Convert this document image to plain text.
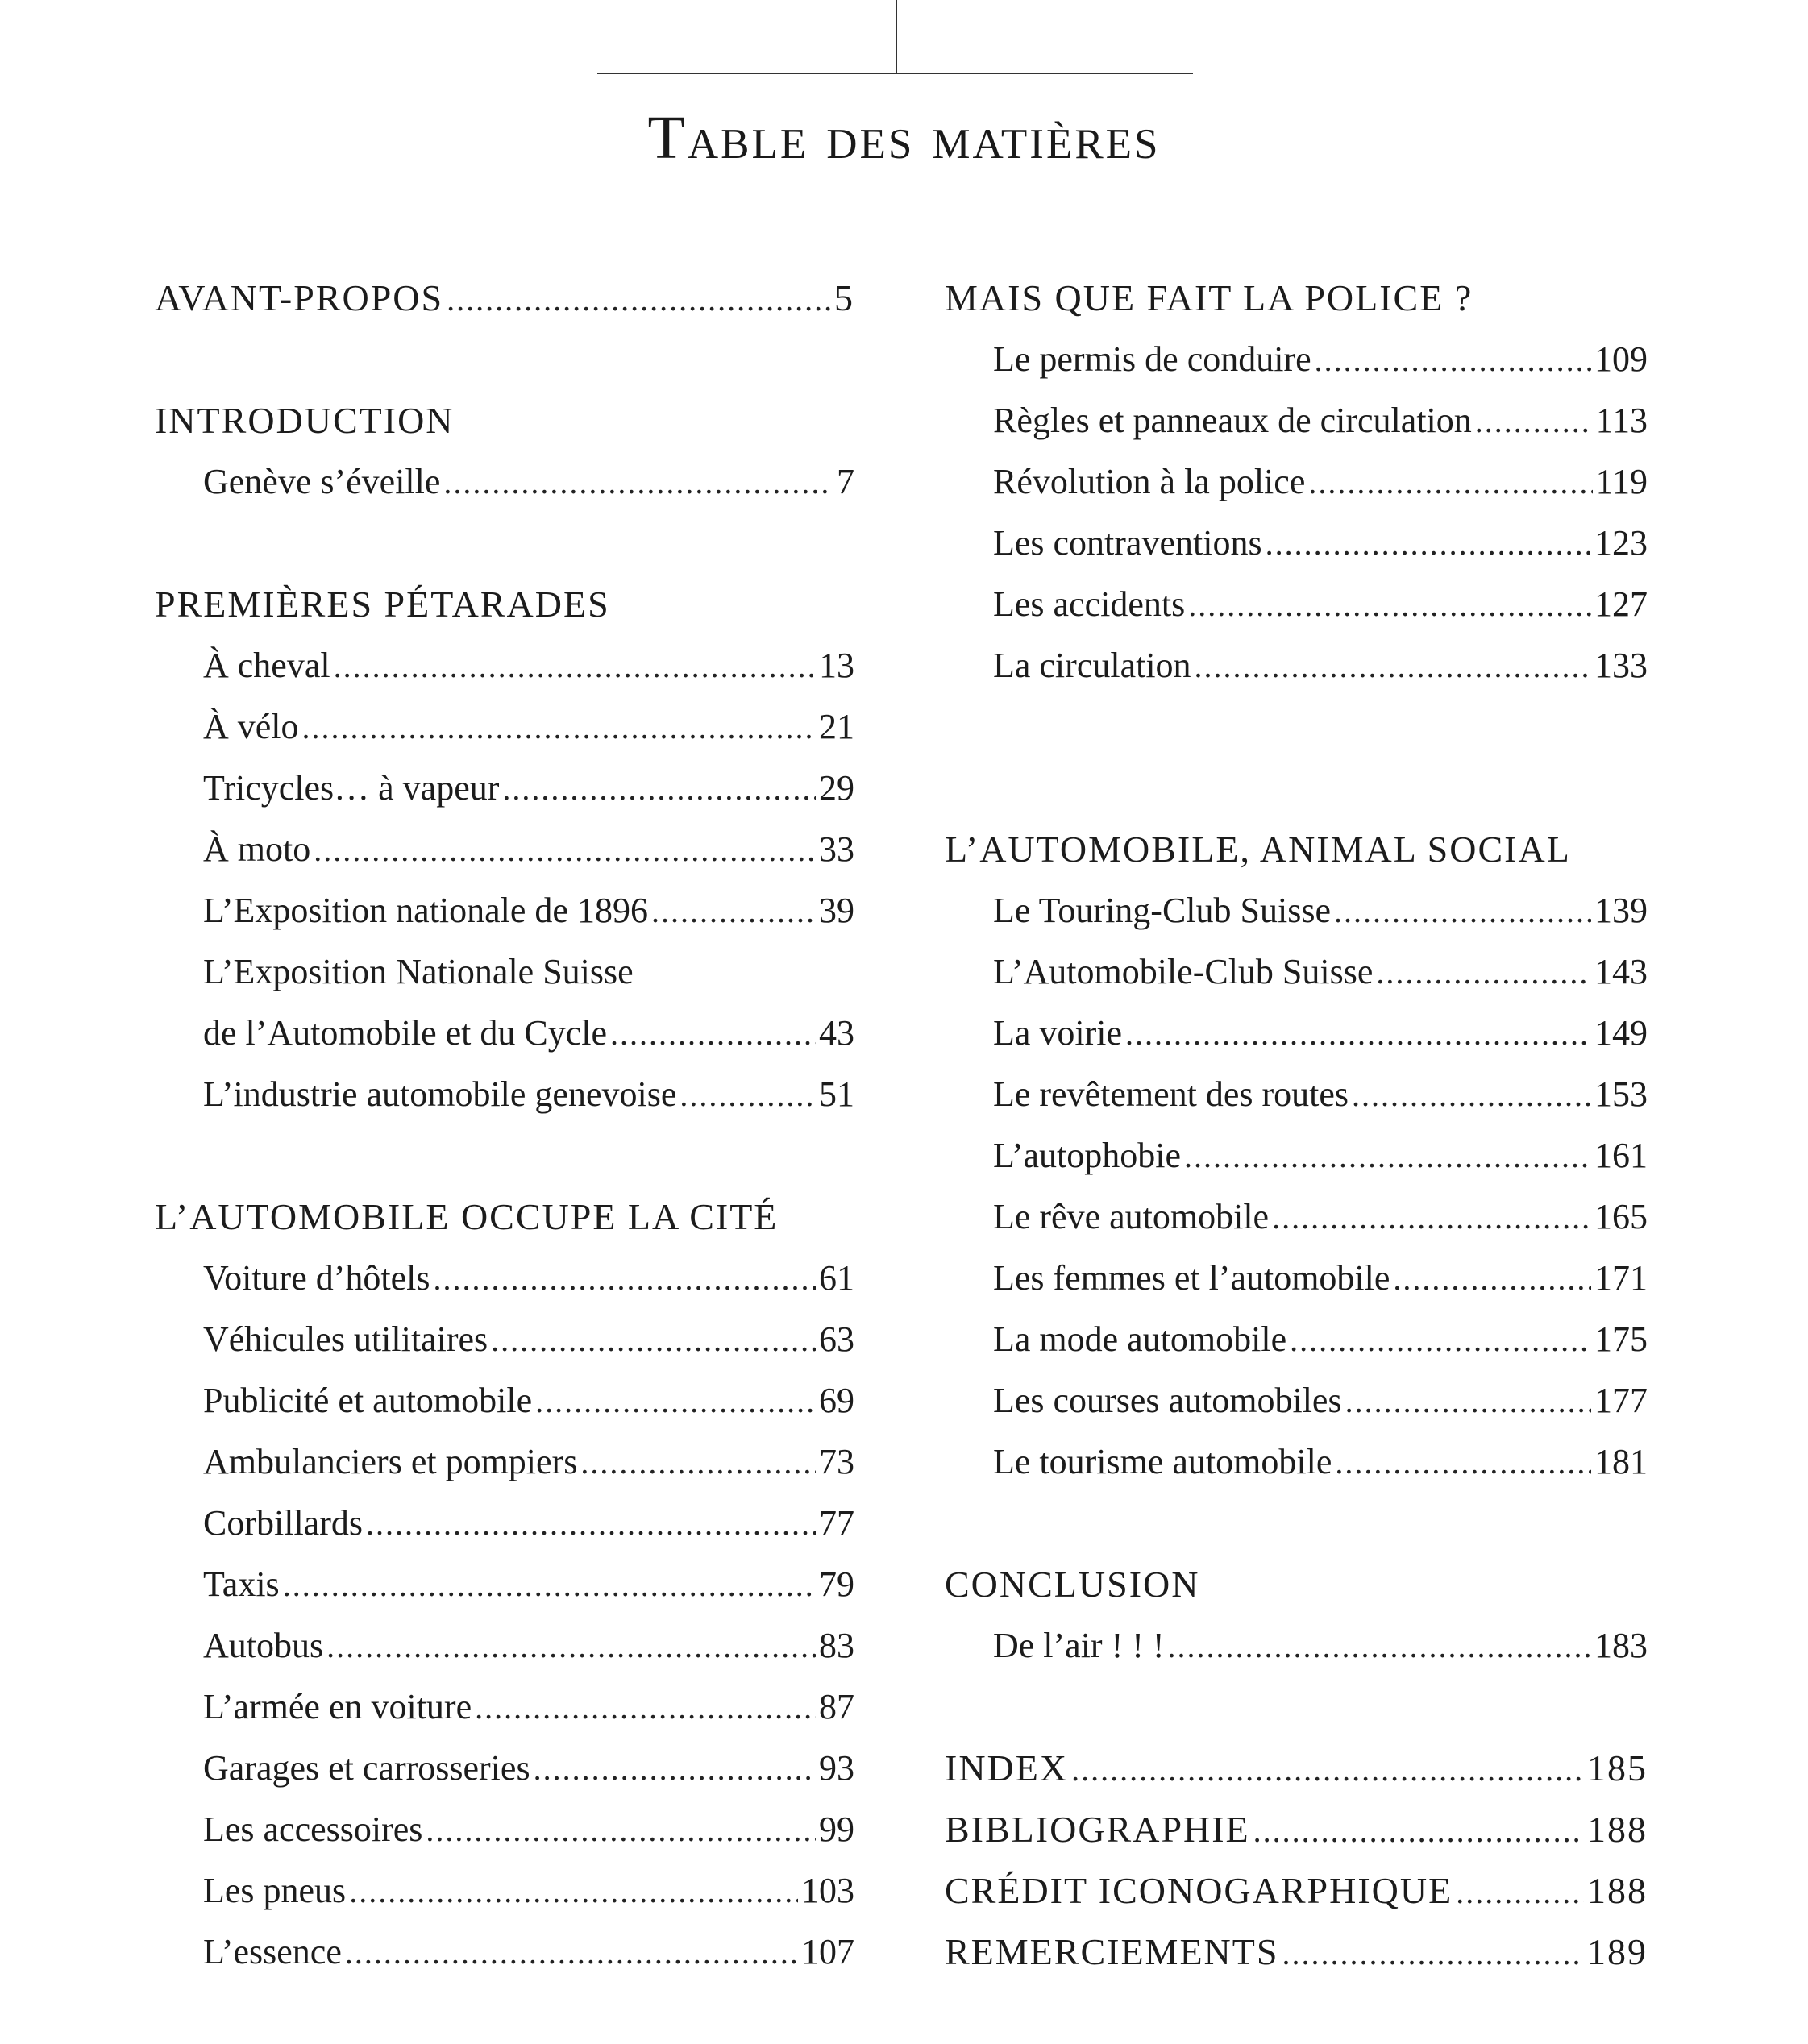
Table des matières
AVANT-PROPOS .....	5
INTRODUCTION
Genève s’éveille .....	7
PREMIÈRES PÉTARADES
À cheval .....	13
À vélo .....	21
Tricycles… à vapeur .....	29
À moto .....	33
L’Exposition nationale de 1896 .....	39
L’Exposition Nationale Suisse
de l’Automobile et du Cycle .....	43
L’industrie automobile genevoise .....	51
L’AUTOMOBILE OCCUPE LA CITÉ
Voiture d’hôtels .....	61
Véhicules utilitaires .....	63
Publicité et automobile .....	69
Ambulanciers et pompiers .....	73
Corbillards .....	77
Taxis .....	79
Autobus .....	83
L’armée en voiture .....	87
Garages et carrosseries .....	93
Les accessoires .....	99
Les pneus .....	103
L’essence .....	107
MAIS QUE FAIT LA POLICE ?
Le permis de conduire .....	109
Règles et panneaux de circulation .....	113
Révolution à la police .....	119
Les contraventions .....	123
Les accidents .....	127
La circulation .....	133
L’AUTOMOBILE, ANIMAL SOCIAL
Le Touring-Club Suisse .....	139
L’Automobile-Club Suisse .....	143
La voirie .....	149
Le revêtement des routes .....	153
L’autophobie .....	161
Le rêve automobile .....	165
Les femmes et l’automobile .....	171
La mode automobile .....	175
Les courses automobiles .....	177
Le tourisme automobile .....	181
CONCLUSION
De l’air ! ! ! .....	183
INDEX .....	185
BIBLIOGRAPHIE .....	188
CRÉDIT ICONOGARPHIQUE .....	188
REMERCIEMENTS .....	189
